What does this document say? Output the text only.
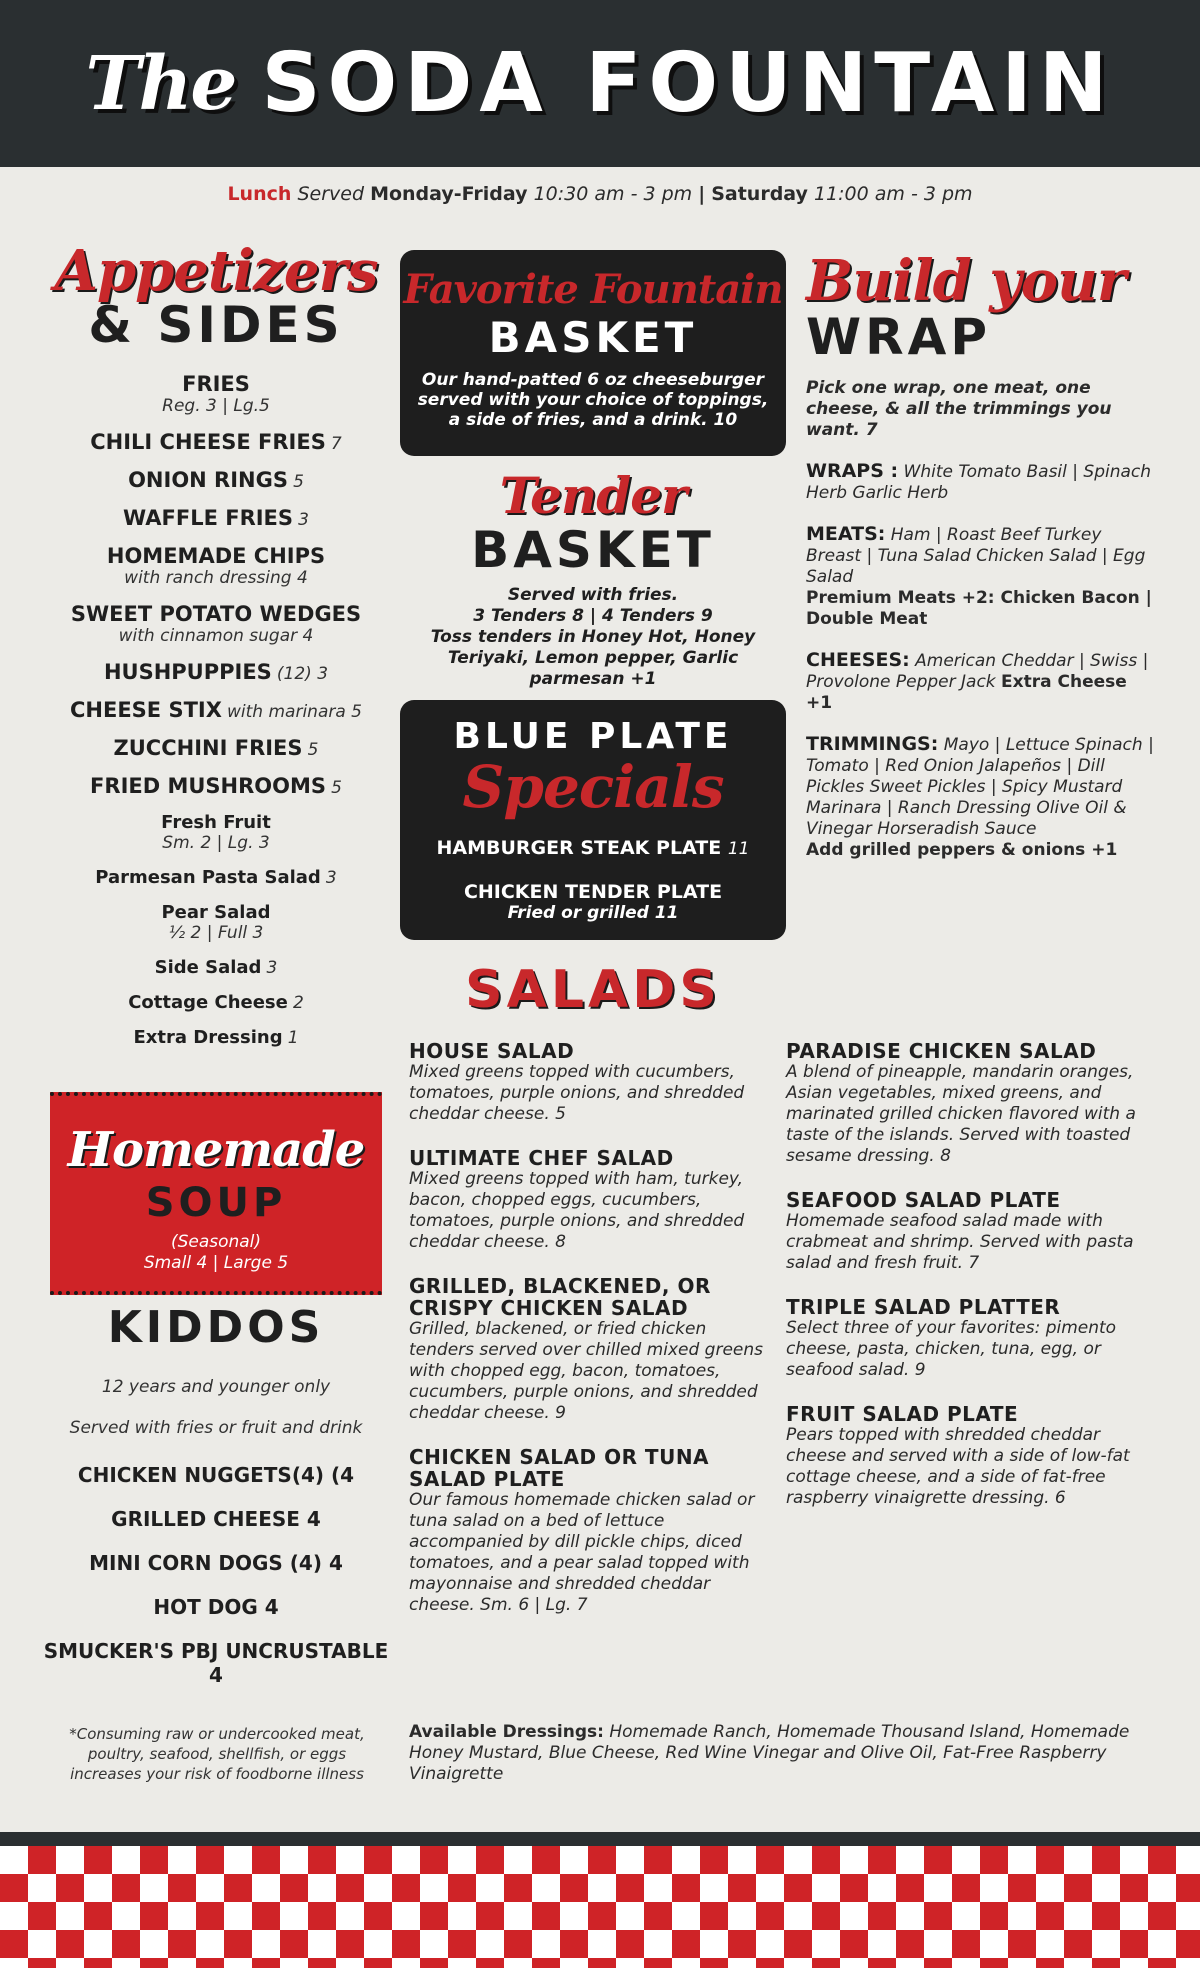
The SODA FOUNTAIN
Lunch Served Monday-Friday 10:30 am - 3 pm | Saturday 11:00 am - 3 pm
Appetizers
& SIDES
FRIES
Reg. 3 | Lg.5
CHILI CHEESE FRIES 7
ONION RINGS 5
WAFFLE FRIES 3
HOMEMADE CHIPS
with ranch dressing 4
SWEET POTATO WEDGES
with cinnamon sugar 4
HUSHPUPPIES (12) 3
CHEESE STIX with marinara 5
ZUCCHINI FRIES 5
FRIED MUSHROOMS 5
Fresh Fruit
Sm. 2 | Lg. 3
Parmesan Pasta Salad 3
Pear Salad
½ 2 | Full 3
Side Salad 3
Cottage Cheese 2
Extra Dressing 1
Homemade
SOUP
(Seasonal)
Small 4 | Large 5
KIDDOS
12 years and younger only
Served with fries or fruit and drink
CHICKEN NUGGETS(4) (4
GRILLED CHEESE 4
MINI CORN DOGS (4) 4
HOT DOG 4
SMUCKER'S PBJ UNCRUSTABLE 4
*Consuming raw or undercooked meat, poultry, seafood, shellfish, or eggs increases your risk of foodborne illness
Favorite Fountain
BASKET
Our hand-patted 6 oz cheeseburger served with your choice of toppings, a side of fries, and a drink. 10
Tender
BASKET
Served with fries.
3 Tenders 8 | 4 Tenders 9
Toss tenders in Honey Hot, Honey Teriyaki, Lemon pepper, Garlic parmesan +1
BLUE PLATE
Specials
HAMBURGER STEAK PLATE 11
CHICKEN TENDER PLATE
Fried or grilled 11
SALADS
HOUSE SALAD
Mixed greens topped with cucumbers, tomatoes, purple onions, and shredded cheddar cheese. 5
ULTIMATE CHEF SALAD
Mixed greens topped with ham, turkey, bacon, chopped eggs, cucumbers, tomatoes, purple onions, and shredded cheddar cheese. 8
GRILLED, BLACKENED, OR CRISPY CHICKEN SALAD
Grilled, blackened, or fried chicken tenders served over chilled mixed greens with chopped egg, bacon, tomatoes, cucumbers, purple onions, and shredded cheddar cheese. 9
CHICKEN SALAD OR TUNA SALAD PLATE
Our famous homemade chicken salad or tuna salad on a bed of lettuce accompanied by dill pickle chips, diced tomatoes, and a pear salad topped with mayonnaise and shredded cheddar cheese. Sm. 6 | Lg. 7
PARADISE CHICKEN SALAD
A blend of pineapple, mandarin oranges, Asian vegetables, mixed greens, and marinated grilled chicken flavored with a taste of the islands. Served with toasted sesame dressing. 8
SEAFOOD SALAD PLATE
Homemade seafood salad made with crabmeat and shrimp. Served with pasta salad and fresh fruit. 7
TRIPLE SALAD PLATTER
Select three of your favorites: pimento cheese, pasta, chicken, tuna, egg, or seafood salad. 9
FRUIT SALAD PLATE
Pears topped with shredded cheddar cheese and served with a side of low-fat cottage cheese, and a side of fat-free raspberry vinaigrette dressing. 6
Available Dressings: Homemade Ranch, Homemade Thousand Island, Homemade Honey Mustard, Blue Cheese, Red Wine Vinegar and Olive Oil, Fat-Free Raspberry Vinaigrette
Build your
WRAP
Pick one wrap, one meat, one cheese, & all the trimmings you want. 7
WRAPS : White Tomato Basil | Spinach Herb Garlic Herb
MEATS: Ham | Roast Beef Turkey Breast | Tuna Salad Chicken Salad | Egg Salad
Premium Meats +2: Chicken Bacon | Double Meat
CHEESES: American Cheddar | Swiss | Provolone Pepper Jack Extra Cheese +1
TRIMMINGS: Mayo | Lettuce Spinach | Tomato | Red Onion Jalapeños | Dill Pickles Sweet Pickles | Spicy Mustard Marinara | Ranch Dressing Olive Oil & Vinegar Horseradish Sauce
Add grilled peppers & onions +1
